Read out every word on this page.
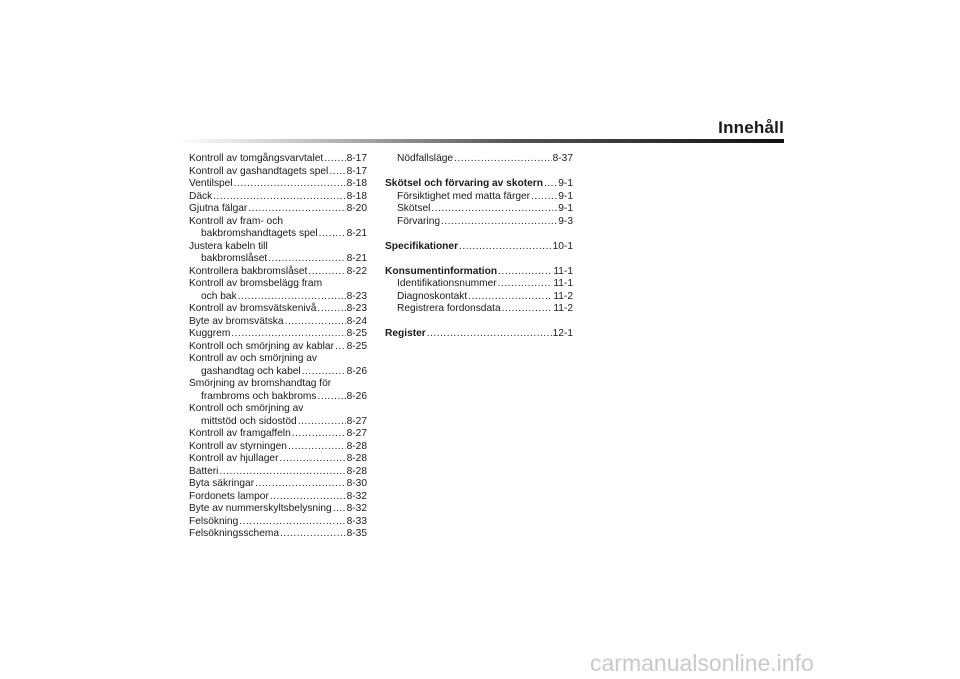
Innehåll
Kontroll av tomgångsvarvtalet ..... 8-17
Kontroll av gashandtagets spel ..... 8-17
Ventilspel .....	8-18
Däck .....	8-18
Gjutna fälgar .....	8-20
Kontroll av fram- och
bakbromshandtagets spel .....	8-21
Justera kabeln till
bakbromslåset .....	8-21
Kontrollera bakbromslåset .....	8-22
Kontroll av bromsbelägg fram
och bak .....	8-23
Kontroll av bromsvätskenivå .....	8-23
Byte av bromsvätska .....	8-24
Kuggrem .....	8-25
Kontroll och smörjning av kablar ..... 8-25
Kontroll av och smörjning av
gashandtag och kabel .....	8-26
Smörjning av bromshandtag för
frambroms och bakbroms .....	8-26
Kontroll och smörjning av
mittstöd och sidostöd .....	8-27
Kontroll av framgaffeln .....	8-27
Kontroll av styrningen .....	8-28
Kontroll av hjullager .....	8-28
Batteri .....	8-28
Byta säkringar .....	8-30
Fordonets lampor .....	8-32
Byte av nummerskyltsbelysning ..... 8-32
Felsökning .....	8-33
Felsökningsschema .....	8-35
Nödfallsläge .....	8-37
Skötsel och förvaring av skotern ..... 9-1
Försiktighet med matta färger .....	9-1
Skötsel .....	9-1
Förvaring .....	9-3
Specifikationer .....	10-1
Konsumentinformation .....	11-1
Identifikationsnummer .....	11-1
Diagnoskontakt .....	11-2
Registrera fordonsdata .....	11-2
Register .....	12-1
carmanualsonline.info
